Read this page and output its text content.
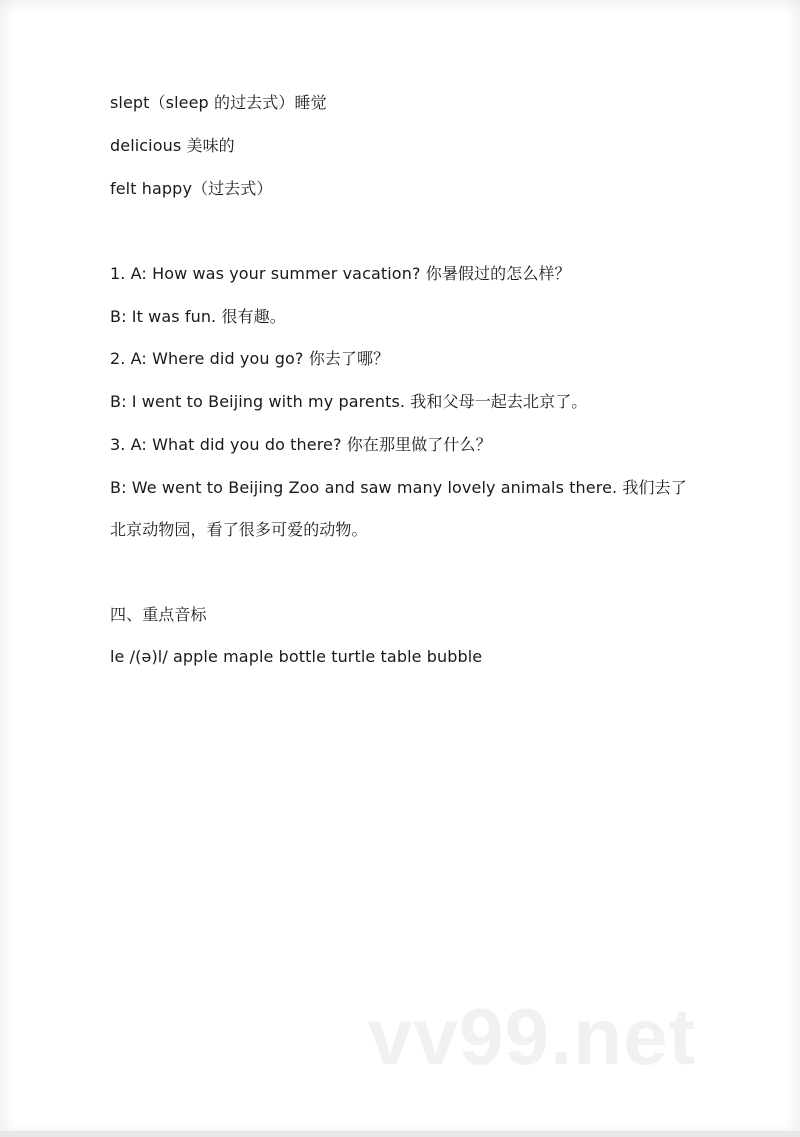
slept（sleep 的过去式）睡觉
delicious 美味的
felt happy（过去式）
1. A: How was your summer vacation? 你暑假过的怎么样？
B: It was fun. 很有趣。
2. A: Where did you go? 你去了哪？
B: I went to Beijing with my parents. 我和父母一起去北京了。
3. A: What did you do there? 你在那里做了什么？
B: We went to Beijing Zoo and saw many lovely animals there. 我们去了
北京动物园，看了很多可爱的动物。
四、重点音标
le /(ə)l/ apple maple bottle turtle table bubble
vv99.net
